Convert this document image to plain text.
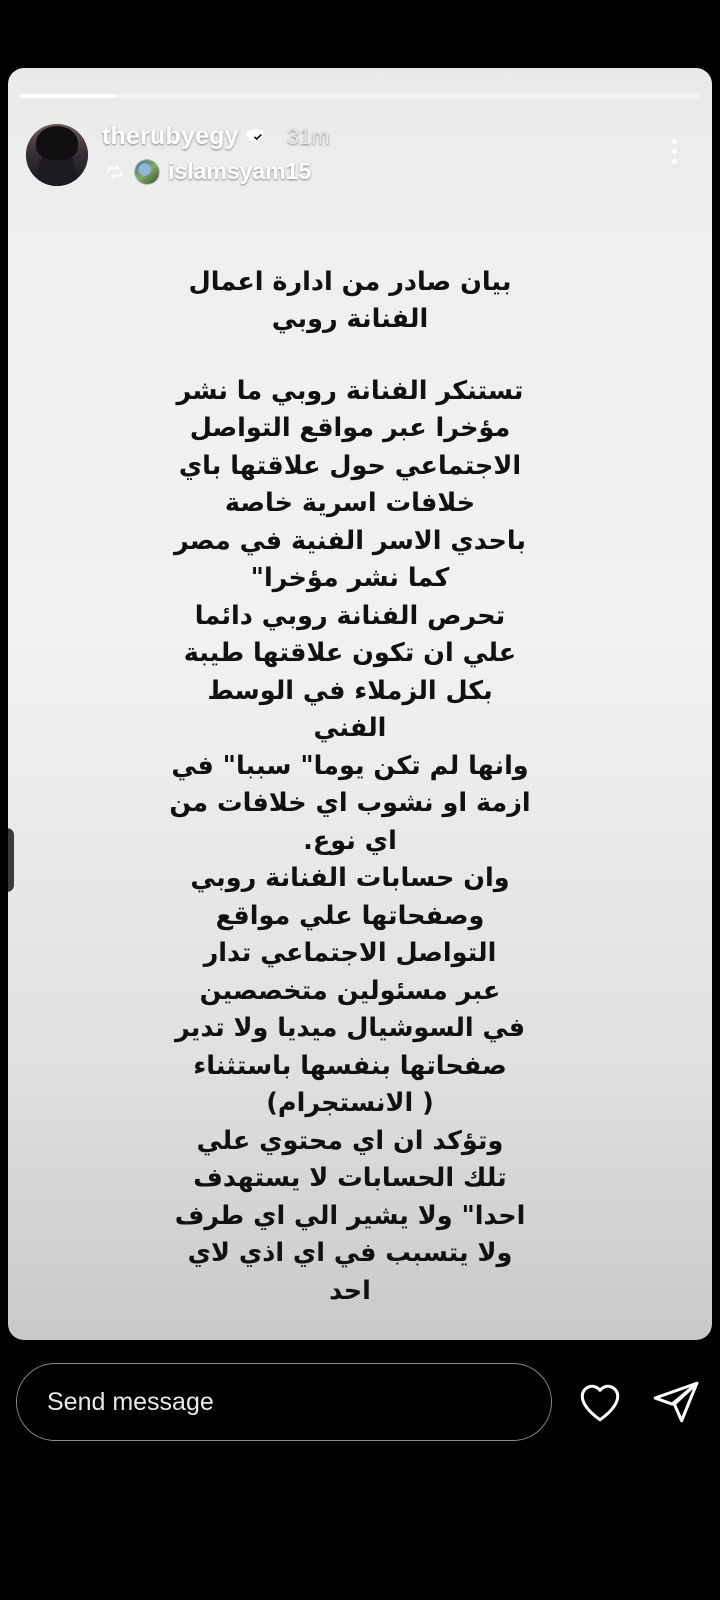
therubyegy 31m
islamsyam15

بيان صادر من ادارة اعمال

الفنانة روبي

تستنكر الفنانة روبي ما نشر

مؤخرا عبر مواقع التواصل

الاجتماعي حول علاقتها باي

خلافات اسرية خاصة

باحدي الاسر الفنية في مصر

كما نشر مؤخرا"

تحرص الفنانة روبي دائما

علي ان تكون علاقتها طيبة

بكل الزملاء في الوسط الفني

وانها لم تكن يوما" سببا" في

ازمة او نشوب اي خلافات من

اي نوع.

وان حسابات الفنانة روبي

وصفحاتها علي مواقع

التواصل الاجتماعي تدار

عبر مسئولين متخصصين

في السوشيال ميديا ولا تدير

صفحاتها بنفسها باستثناء

( الانستجرام)

وتؤكد ان اي محتوي علي

تلك الحسابات لا يستهدف

احدا" ولا يشير الي اي طرف

ولا يتسبب في اي اذي لاي

احد

Send message
